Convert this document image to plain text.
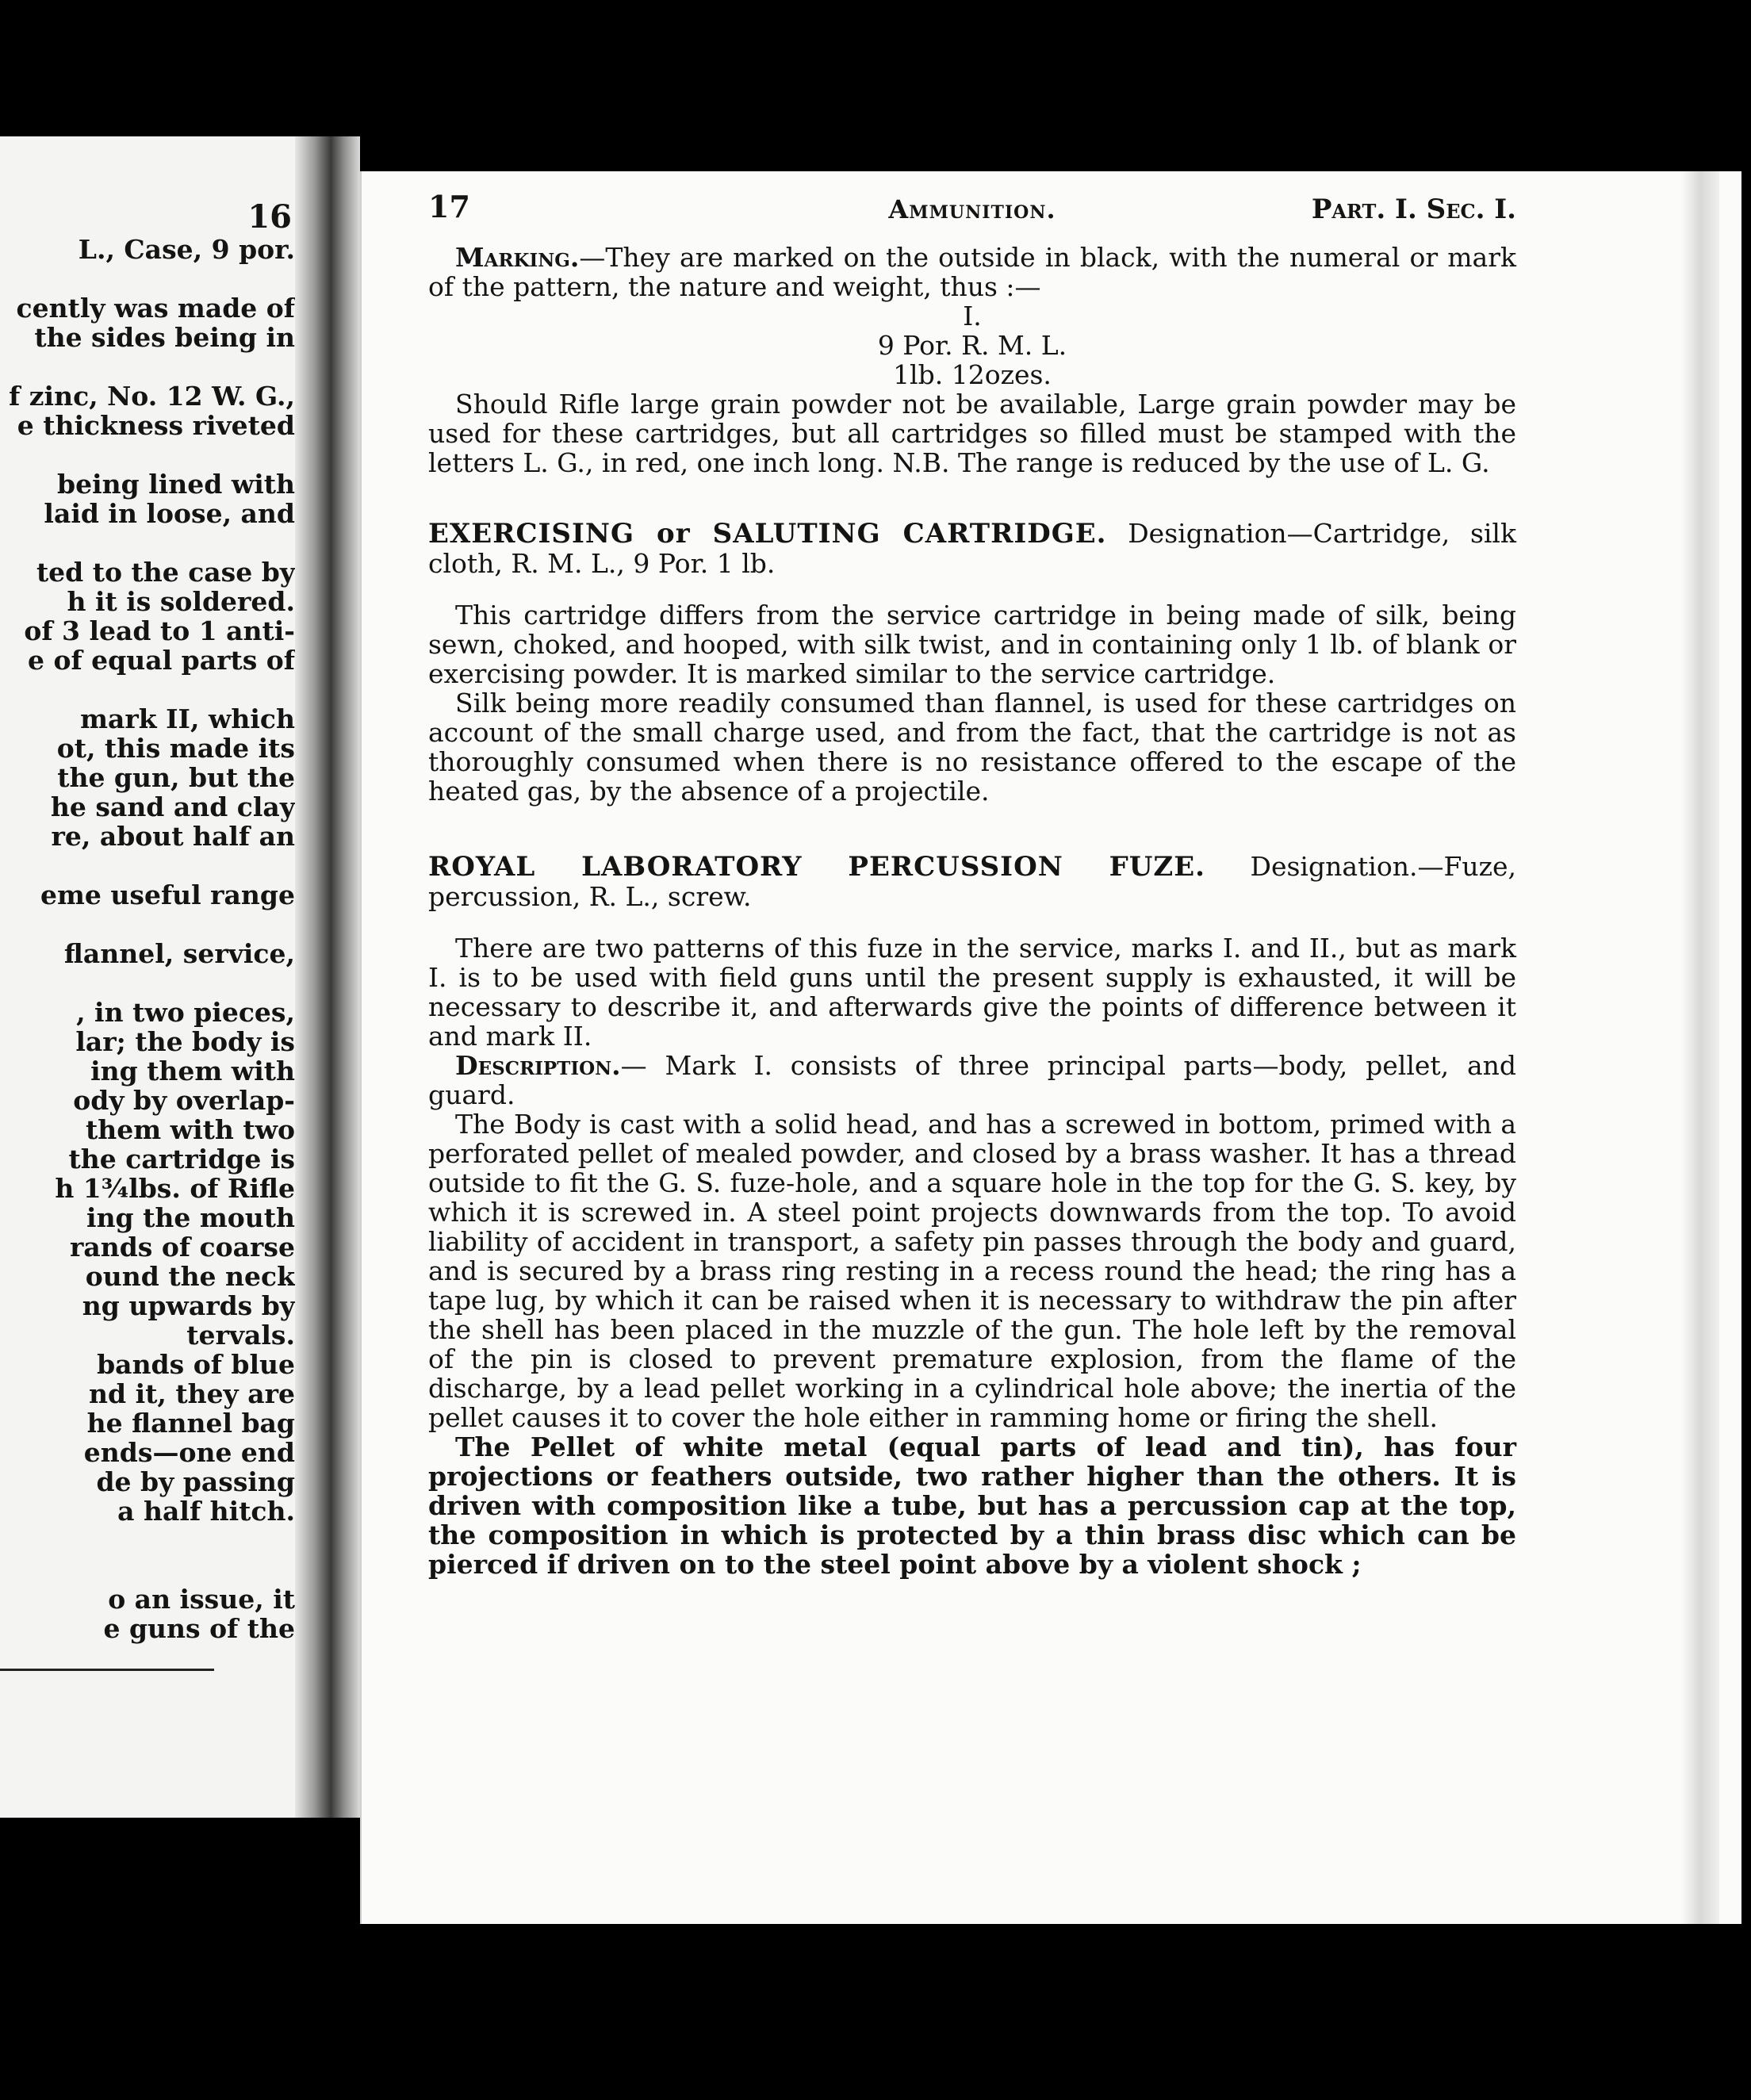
16
L., Case, 9 por.

cently was made of
the sides being in

f zinc, No. 12 W. G.,
e thickness riveted

being lined with
laid in loose, and

ted to the case by
h it is soldered.
of 3 lead to 1 anti-
e of equal parts of

mark II, which
ot, this made its
the gun, but the
he sand and clay
re, about half an

eme useful range

flannel, service,

, in two pieces,
lar; the body is
ing them with
ody by overlap-
them with two
the cartridge is
h 1¾lbs. of Rifle
ing the mouth
rands of coarse
ound the neck
ng upwards by
tervals.
bands of blue
nd it, they are
he flannel bag
ends—one end
de by passing
a half hitch.

o an issue, it
e guns of the
17	Ammunition.	Part. I. Sec. I.

Marking.—They are marked on the outside in black, with the numeral or mark of the pattern, the nature and weight, thus :—

I.

9 Por. R. M. L.

1lb. 12ozes.

Should Rifle large grain powder not be available, Large grain powder may be used for these cartridges, but all cartridges so filled must be stamped with the letters L. G., in red, one inch long. N.B. The range is reduced by the use of L. G.

EXERCISING or SALUTING CARTRIDGE. Designation—Cartridge, silk cloth, R. M. L., 9 Por. 1 lb.

This cartridge differs from the service cartridge in being made of silk, being sewn, choked, and hooped, with silk twist, and in containing only 1 lb. of blank or exercising powder. It is marked similar to the service cartridge.

Silk being more readily consumed than flannel, is used for these cartridges on account of the small charge used, and from the fact, that the cartridge is not as thoroughly consumed when there is no resistance offered to the escape of the heated gas, by the absence of a projectile.

ROYAL LABORATORY PERCUSSION FUZE. Designation.—Fuze, percussion, R. L., screw.

There are two patterns of this fuze in the service, marks I. and II., but as mark I. is to be used with field guns until the present supply is exhausted, it will be necessary to describe it, and afterwards give the points of difference between it and mark II.

Description.— Mark I. consists of three principal parts—body, pellet, and guard.

The Body is cast with a solid head, and has a screwed in bottom, primed with a perforated pellet of mealed powder, and closed by a brass washer. It has a thread outside to fit the G. S. fuze-hole, and a square hole in the top for the G. S. key, by which it is screwed in. A steel point projects downwards from the top. To avoid liability of accident in transport, a safety pin passes through the body and guard, and is secured by a brass ring resting in a recess round the head; the ring has a tape lug, by which it can be raised when it is necessary to withdraw the pin after the shell has been placed in the muzzle of the gun. The hole left by the removal of the pin is closed to prevent premature explosion, from the flame of the discharge, by a lead pellet working in a cylindrical hole above; the inertia of the pellet causes it to cover the hole either in ramming home or firing the shell.

The Pellet of white metal (equal parts of lead and tin), has four projections or feathers outside, two rather higher than the others. It is driven with composition like a tube, but has a percussion cap at the top, the composition in which is protected by a thin brass disc which can be pierced if driven on to the steel point above by a violent shock ;
